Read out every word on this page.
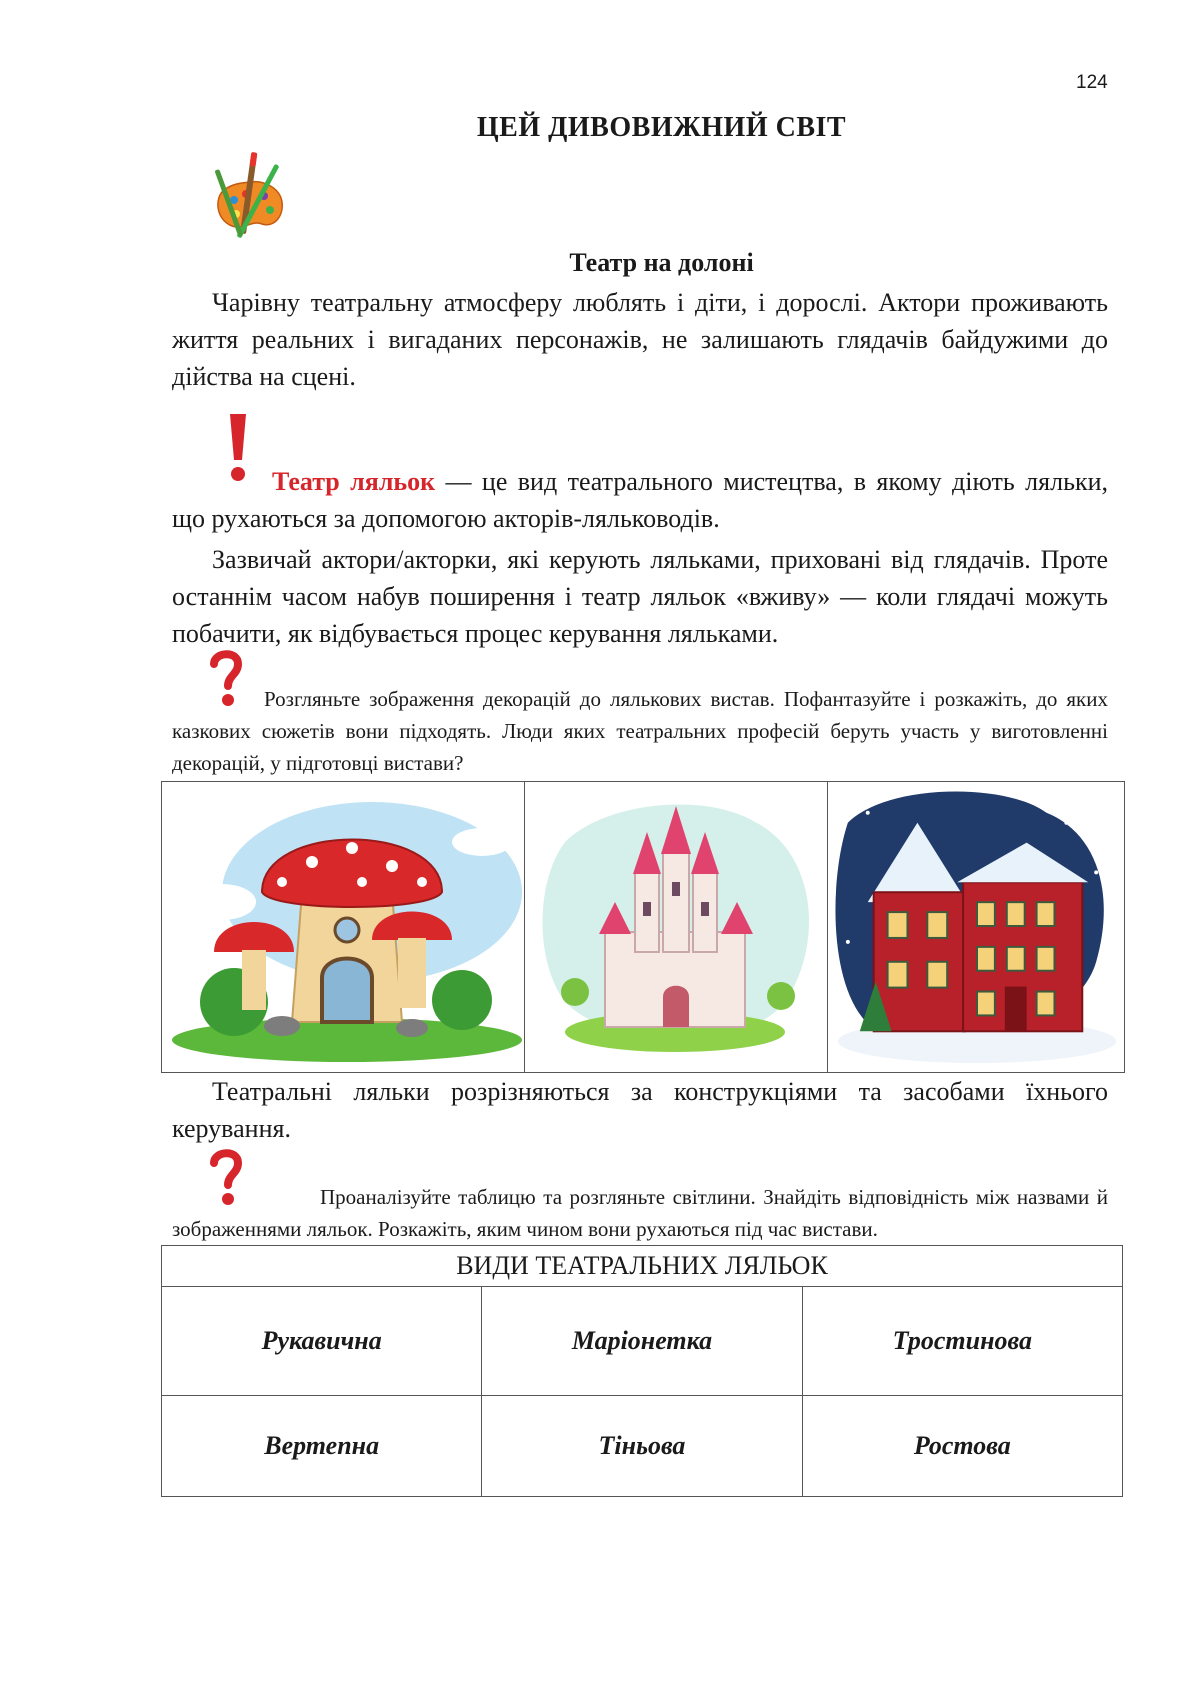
124
ЦЕЙ ДИВОВИЖНИЙ СВІТ
Театр на долоні
Чарівну театральну атмосферу люблять і діти, і дорослі. Актори проживають життя реальних і вигаданих персонажів, не залишають глядачів байдужими до дійства на сцені.
Театр ляльок — це вид театрального мистецтва, в якому діють ляльки, що рухаються за допомогою акторів-ляльководів.
Зазвичай актори/акторки, які керують ляльками, приховані від глядачів. Проте останнім часом набув поширення і театр ляльок «вживу» — коли глядачі можуть побачити, як відбувається процес керування ляльками.
Розгляньте зображення декорацій до лялькових вистав. Пофантазуйте і розкажіть, до яких казкових сюжетів вони підходять. Люди яких театральних професій беруть участь у виготовленні декорацій, у підготовці вистави?
Театральні ляльки розрізняються за конструкціями та засобами їхнього керування.
Проаналізуйте таблицю та розгляньте світлини. Знайдіть відповідність між назвами й зображеннями ляльок. Розкажіть, яким чином вони рухаються під час вистави.
ВИДИ ТЕАТРАЛЬНИХ ЛЯЛЬОК		
Рукавична	Маріонетка	Тростинова
Вертепна	Тіньова	Ростова
